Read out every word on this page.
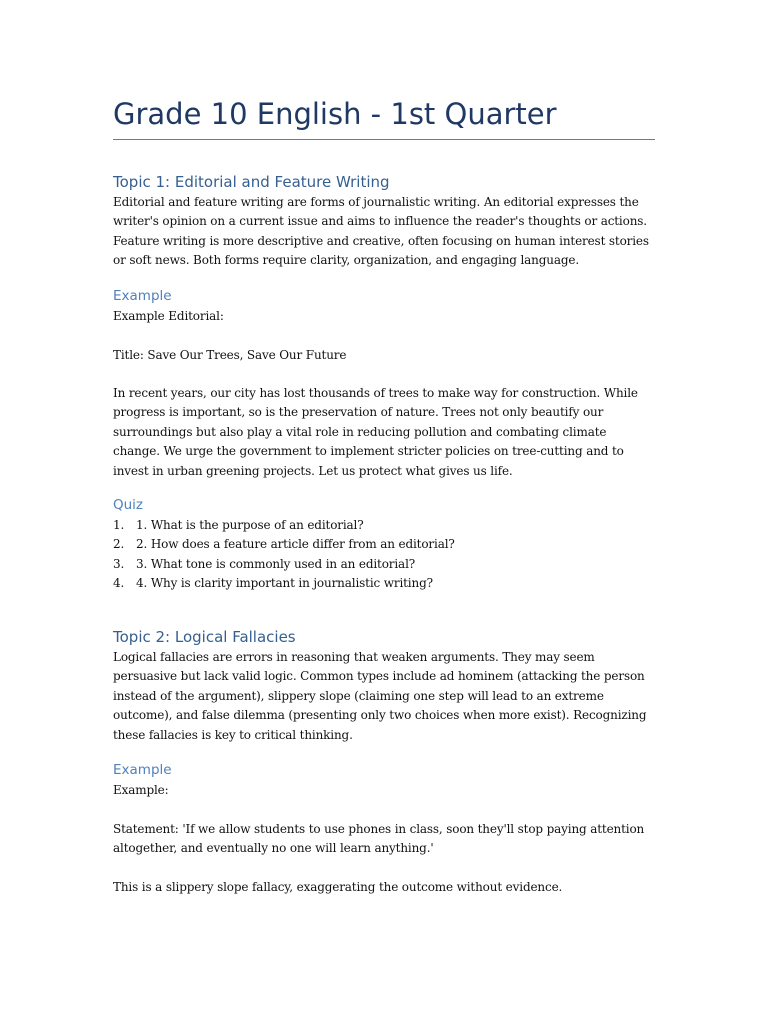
Grade 10 English - 1st Quarter
Topic 1: Editorial and Feature Writing

Editorial and feature writing are forms of journalistic writing. An editorial expresses the writer's opinion on a current issue and aims to influence the reader's thoughts or actions. Feature writing is more descriptive and creative, often focusing on human interest stories or soft news. Both forms require clarity, organization, and engaging language.

Example

Example Editorial:

Title: Save Our Trees, Save Our Future

In recent years, our city has lost thousands of trees to make way for construction. While progress is important, so is the preservation of nature. Trees not only beautify our surroundings but also play a vital role in reducing pollution and combating climate change. We urge the government to implement stricter policies on tree-cutting and to invest in urban greening projects. Let us protect what gives us life.

Quiz
1. 1. What is the purpose of an editorial?
2. 2. How does a feature article differ from an editorial?
3. 3. What tone is commonly used in an editorial?
4. 4. Why is clarity important in journalistic writing?
Topic 2: Logical Fallacies

Logical fallacies are errors in reasoning that weaken arguments. They may seem persuasive but lack valid logic. Common types include ad hominem (attacking the person instead of the argument), slippery slope (claiming one step will lead to an extreme outcome), and false dilemma (presenting only two choices when more exist). Recognizing these fallacies is key to critical thinking.

Example

Example:

Statement: 'If we allow students to use phones in class, soon they'll stop paying attention altogether, and eventually no one will learn anything.'

This is a slippery slope fallacy, exaggerating the outcome without evidence.
